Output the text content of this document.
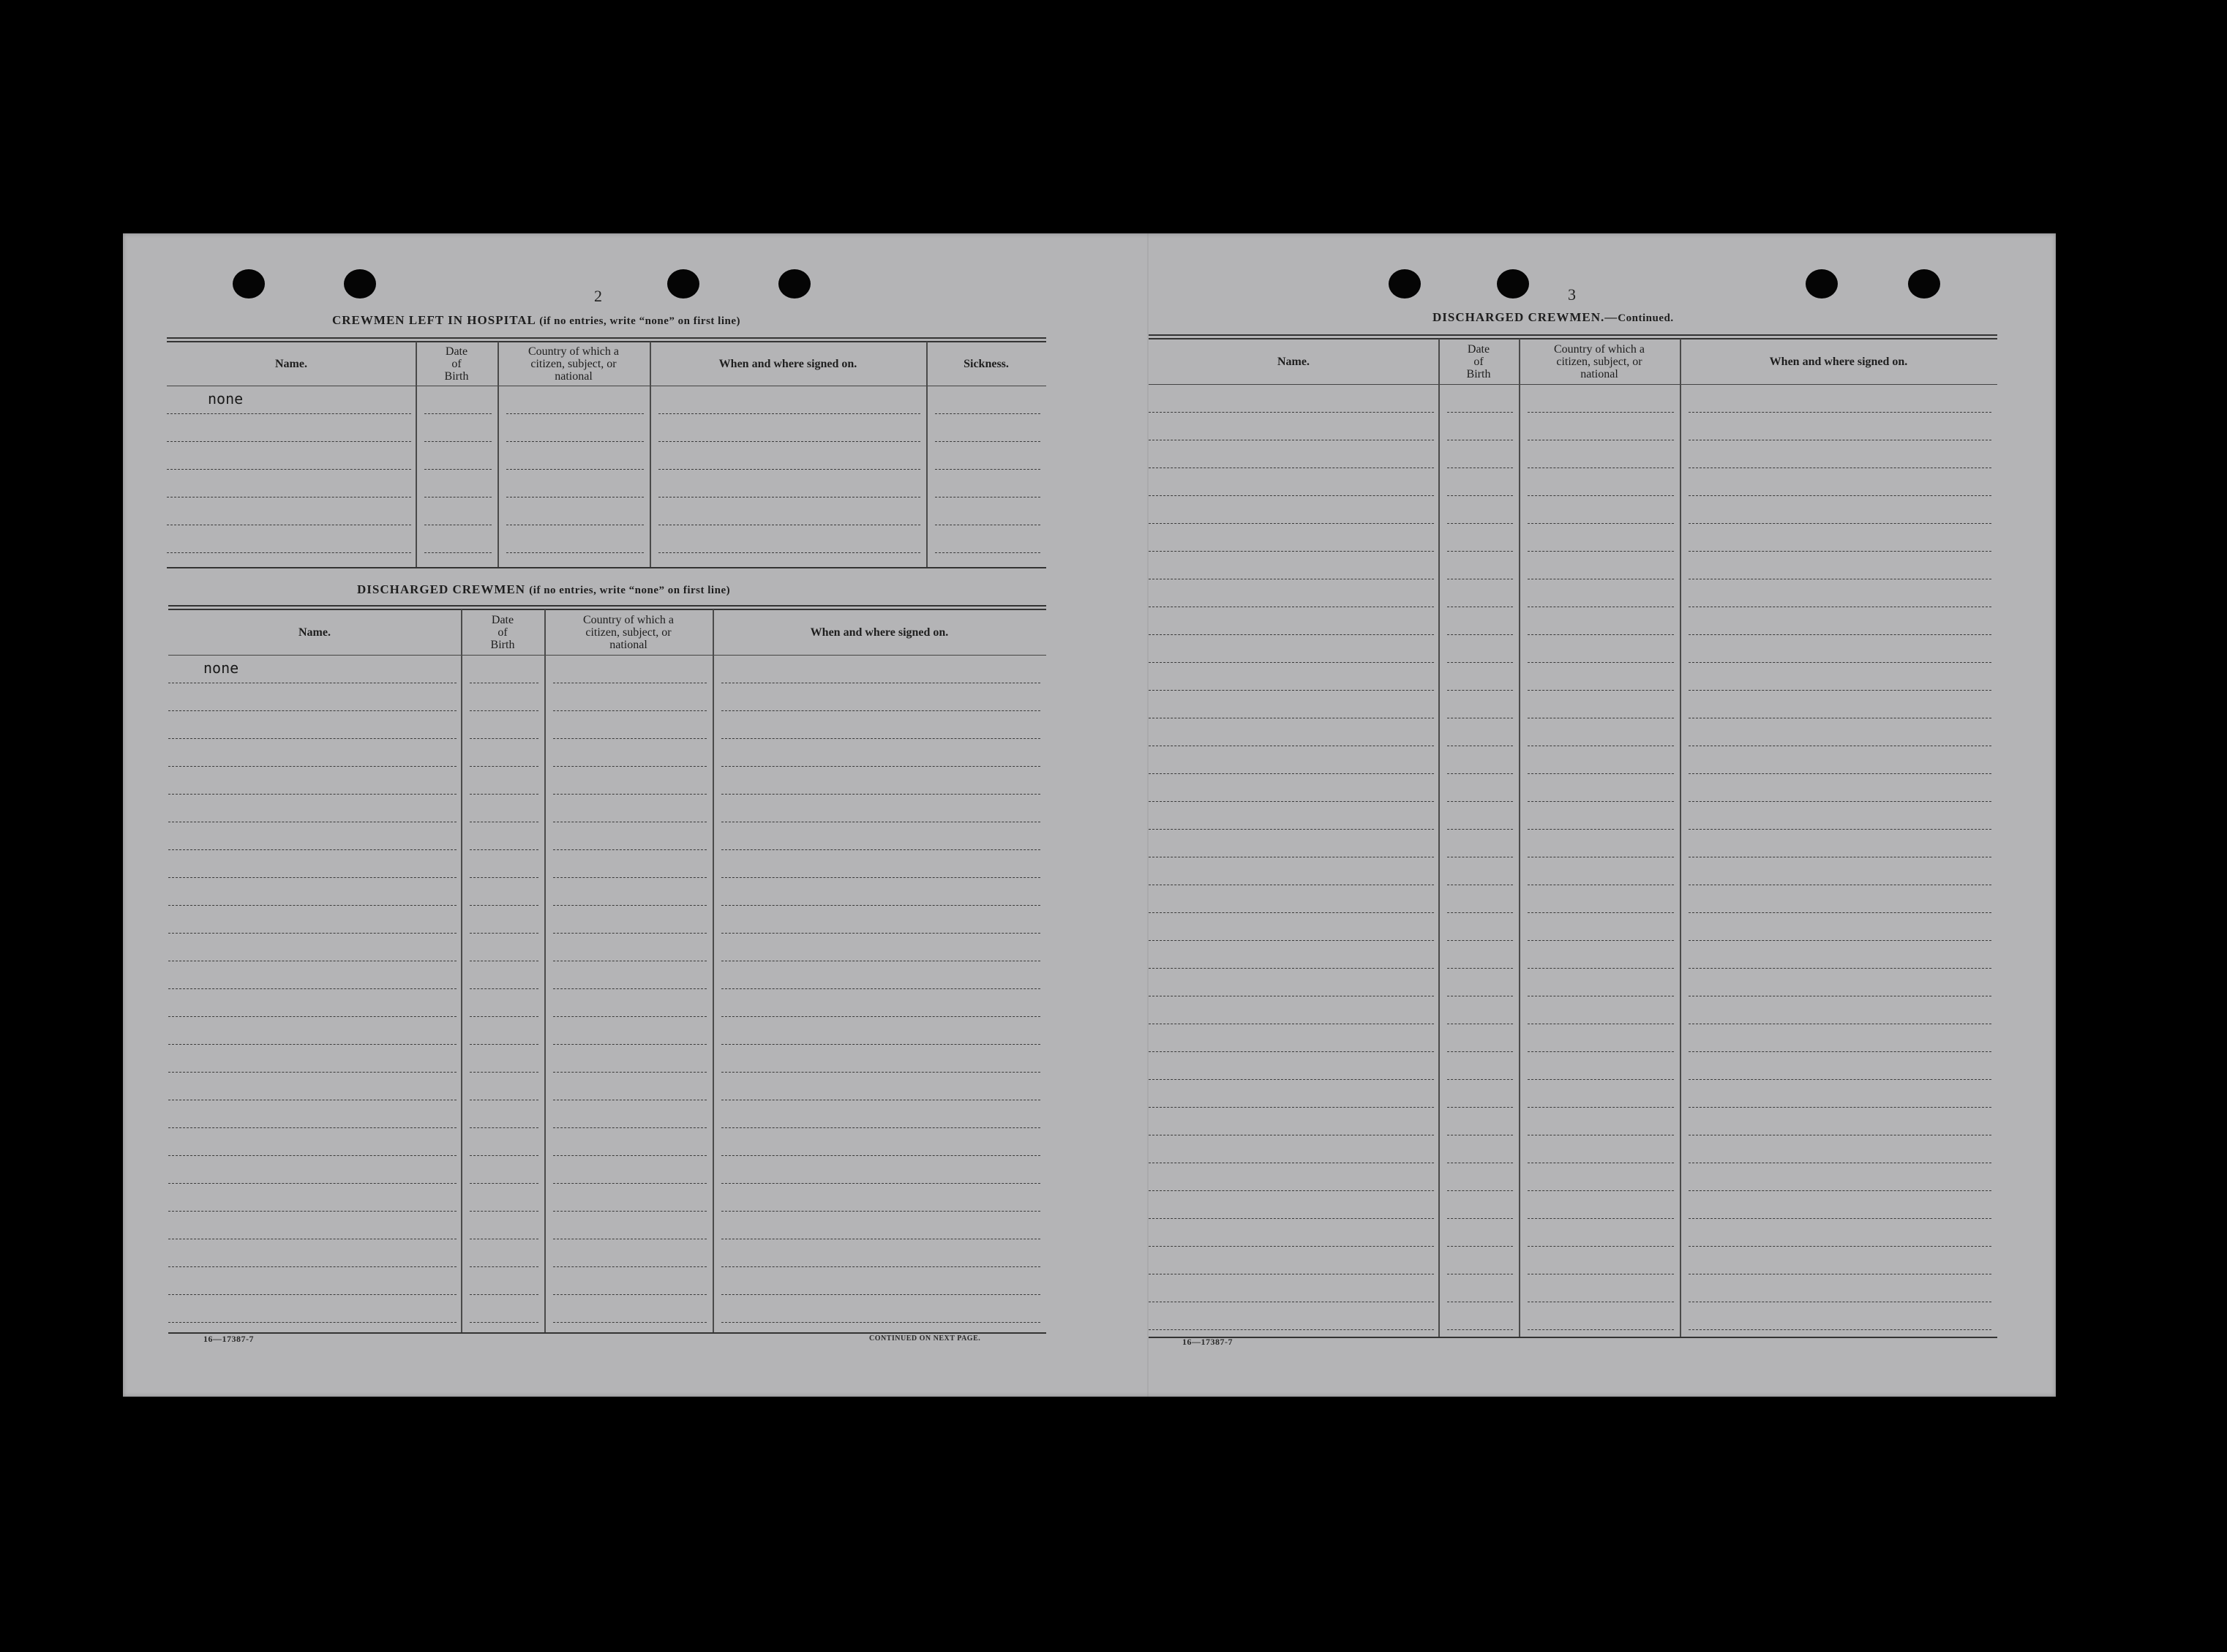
2
CREWMEN LEFT IN HOSPITAL (if no entries, write “none” on first line)
Name.
Date
of
Birth
Country of which a
citizen, subject, or
national
When and where signed on.	Sickness.
none
DISCHARGED CREWMEN (if no entries, write “none” on first line)
Name.
Date
of
Birth
Country of which a
citizen, subject, or
national
When and where signed on.
none
16—17387-7	CONTINUED ON NEXT PAGE.
3
DISCHARGED CREWMEN.—Continued.
Name.
Date
of
Birth
Country of which a
citizen, subject, or
national
When and where signed on.
16—17387-7
